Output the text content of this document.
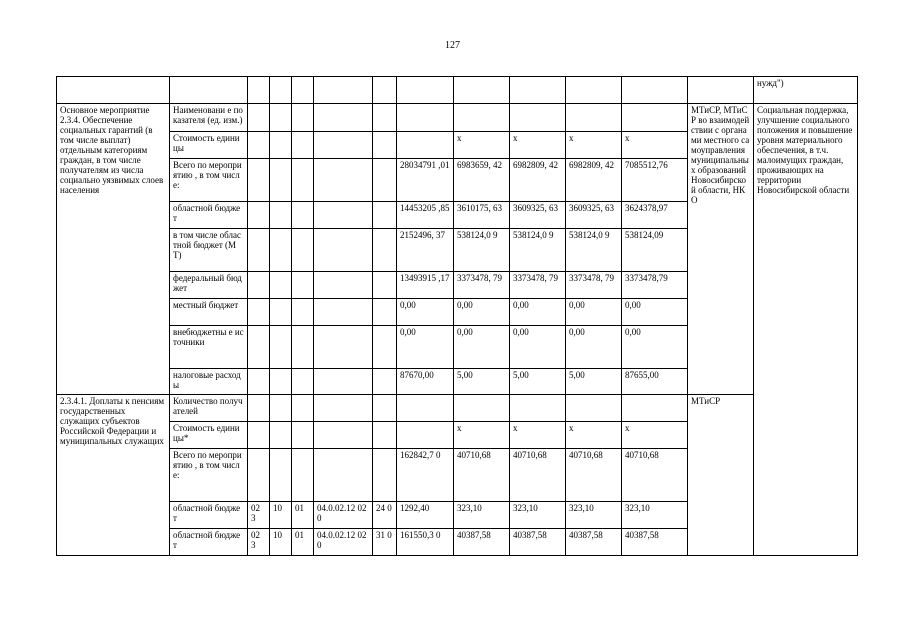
127
													нужд")
Основное мероприятие 2.3.4. Обеспечение социальных гарантий (в том числе выплат) отдельным категориям граждан, в том числе получателям из числа социально уязвимых слоев населения	Наименовани е показателя (ед. изм.)											МТиСР, МТиСР во взаимодействии с органами местного самоуправления муниципальных образований Новосибирской области, НКО	Социальная поддержка, улучшение социального положения и повышение уровня материального обеспечения, в т.ч. малоимущих граждан, проживающих на территории Новосибирской области
	Стоимость единицы							x	x	x	x		
	Всего по мероприятию , в том числе:						28034791 ,01	6983659, 42	6982809, 42	6982809, 42	7085512,76		
	областной бюджет						14453205 ,85	3610175, 63	3609325, 63	3609325, 63	3624378,97		
	в том числе областной бюджет (МТ)						2152496, 37	538124,0 9	538124,0 9	538124,0 9	538124,09		
	федеральный бюджет						13493915 ,17	3373478, 79	3373478, 79	3373478, 79	3373478,79		
	местный бюджет						0,00	0,00	0,00	0,00	0,00		
	внебюджетны е источники						0,00	0,00	0,00	0,00	0,00		
	налоговые расходы						87670,00	5,00	5,00	5,00	87655,00		
2.3.4.1. Доплаты к пенсиям государственных служащих субъектов Российской Федерации и муниципальных служащих	Количество получателей											МТиСР	
	Стоимость единицы*							x	x	x	x		
	Всего по мероприятию , в том числе:						162842,7 0	40710,68	40710,68	40710,68	40710,68		
	областной бюджет	02 3	10	01	04.0.02.12 020	24 0	1292,40	323,10	323,10	323,10	323,10		
	областной бюджет	02 3	10	01	04.0.02.12 020	31 0	161550,3 0	40387,58	40387,58	40387,58	40387,58		
